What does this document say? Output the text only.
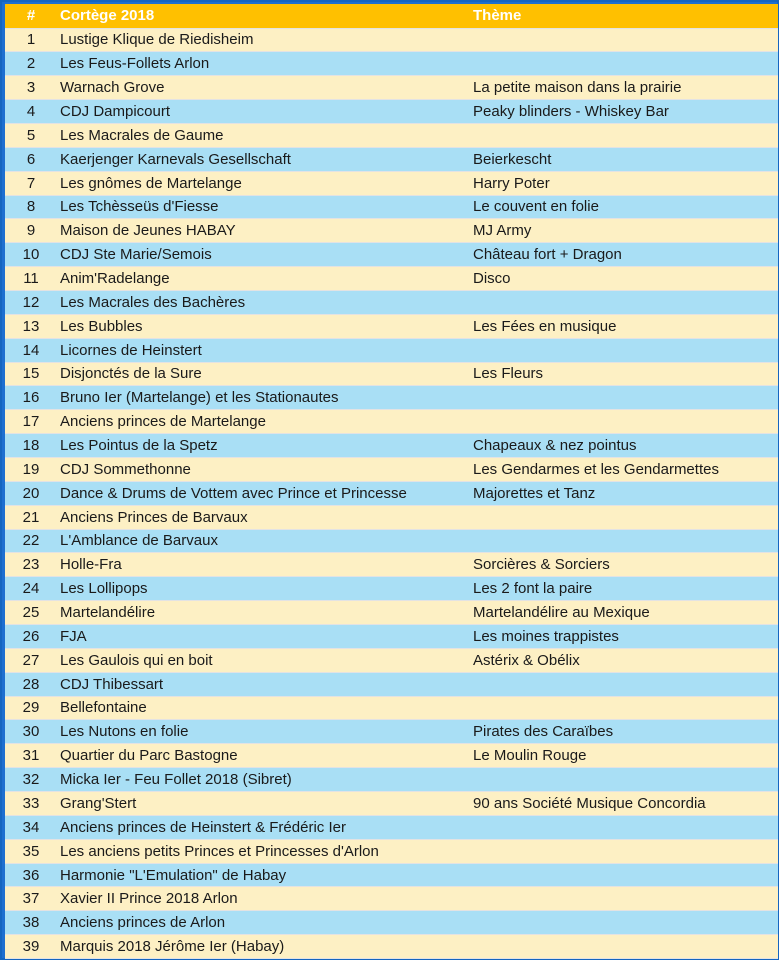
#	Cortège 2018	Thème
1	Lustige Klique de Riedisheim	
2	Les Feus-Follets Arlon	
3	Warnach Grove	La petite maison dans la prairie
4	CDJ Dampicourt	Peaky blinders - Whiskey Bar
5	Les Macrales de Gaume	
6	Kaerjenger Karnevals Gesellschaft	Beierkescht
7	Les gnômes de Martelange	Harry Poter
8	Les Tchèsseüs d'Fiesse	Le couvent en folie
9	Maison de Jeunes HABAY	MJ Army
10	CDJ Ste Marie/Semois	Château fort + Dragon
11	Anim'Radelange	Disco
12	Les Macrales des Bachères	
13	Les Bubbles	Les Fées en musique
14	Licornes de Heinstert	
15	Disjonctés de la Sure	Les Fleurs
16	Bruno Ier (Martelange) et les Stationautes	
17	Anciens princes de Martelange	
18	Les Pointus de la Spetz	Chapeaux & nez pointus
19	CDJ Sommethonne	Les Gendarmes et les Gendarmettes
20	Dance & Drums de Vottem avec Prince et Princesse	Majorettes et Tanz
21	Anciens Princes de Barvaux	
22	L'Amblance de Barvaux	
23	Holle-Fra	Sorcières & Sorciers
24	Les Lollipops	Les 2 font la paire
25	Martelandélire	Martelandélire au Mexique
26	FJA	Les moines trappistes
27	Les Gaulois qui en boit	Astérix & Obélix
28	CDJ Thibessart	
29	Bellefontaine	
30	Les Nutons en folie	Pirates des Caraïbes
31	Quartier du Parc Bastogne	Le Moulin Rouge
32	Micka Ier - Feu Follet 2018 (Sibret)	
33	Grang'Stert	90 ans Société Musique Concordia
34	Anciens princes de Heinstert & Frédéric Ier	
35	Les anciens petits Princes et Princesses d'Arlon	
36	Harmonie "L'Emulation" de Habay	
37	Xavier II Prince 2018 Arlon	
38	Anciens princes de Arlon	
39	Marquis 2018 Jérôme Ier (Habay)	
